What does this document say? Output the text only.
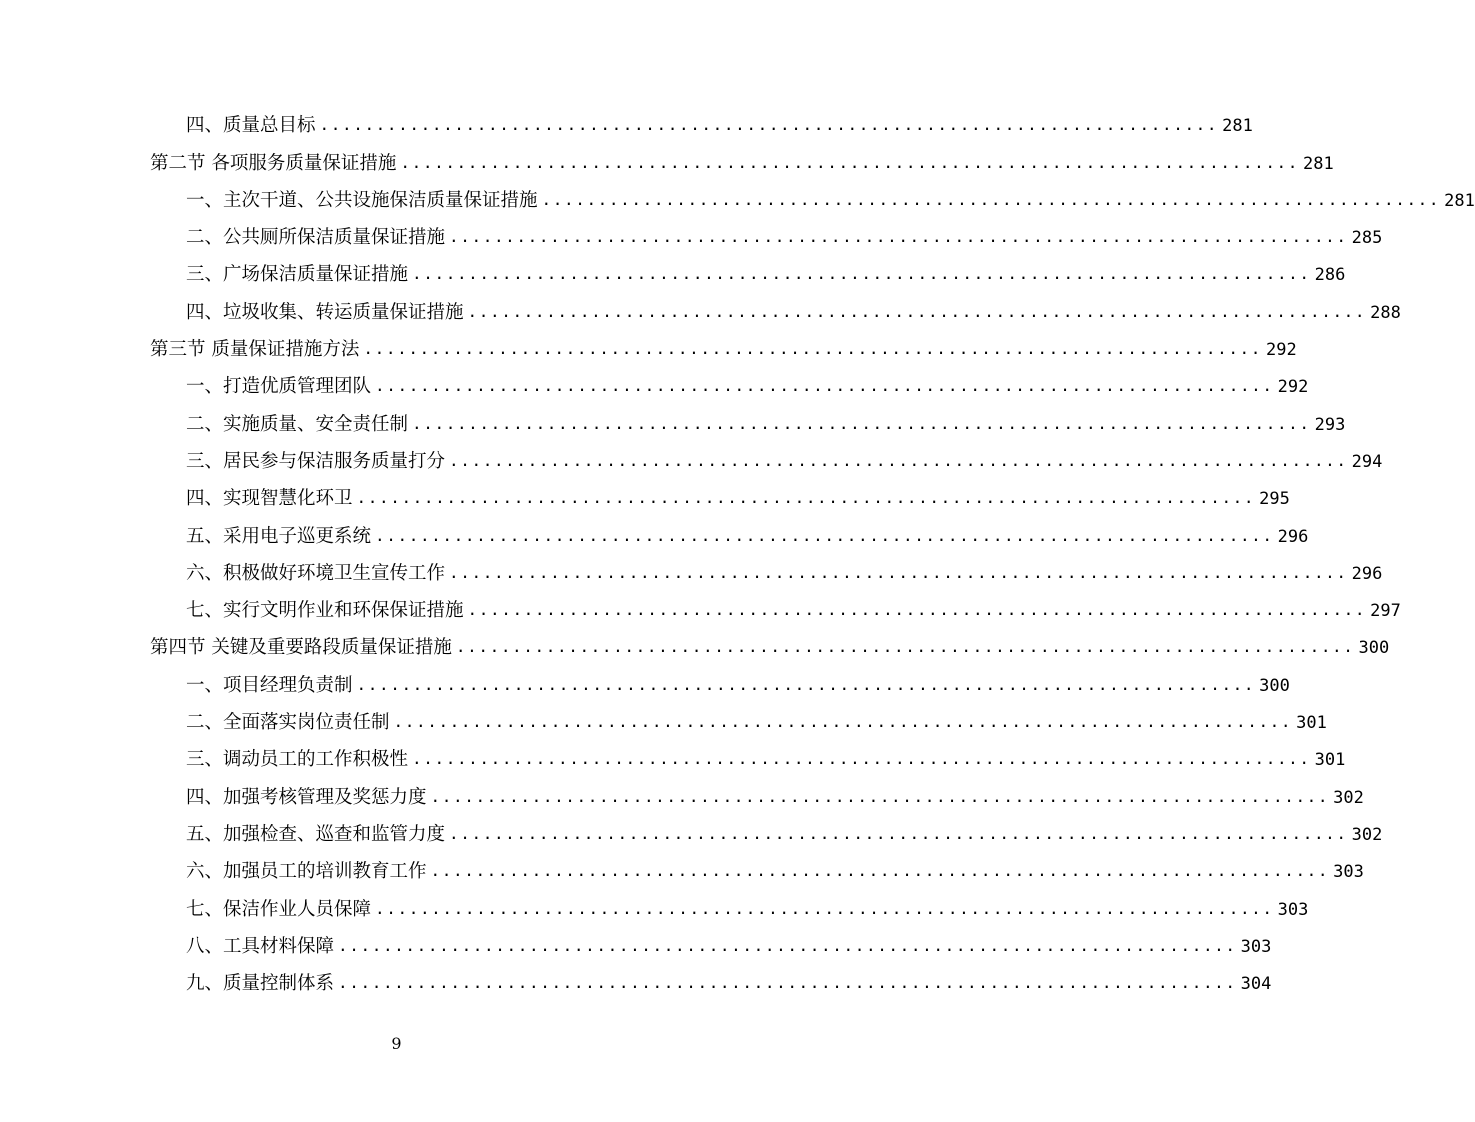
四、质量总目标 ................................................................................ 281
第二节 各项服务质量保证措施 ................................................................................ 281
一、主次干道、公共设施保洁质量保证措施 ................................................................................ 281
二、公共厕所保洁质量保证措施 ................................................................................ 285
三、广场保洁质量保证措施 ................................................................................ 286
四、垃圾收集、转运质量保证措施 ................................................................................ 288
第三节 质量保证措施方法 ................................................................................ 292
一、打造优质管理团队 ................................................................................ 292
二、实施质量、安全责任制 ................................................................................ 293
三、居民参与保洁服务质量打分 ................................................................................ 294
四、实现智慧化环卫 ................................................................................ 295
五、采用电子巡更系统 ................................................................................ 296
六、积极做好环境卫生宣传工作 ................................................................................ 296
七、实行文明作业和环保保证措施 ................................................................................ 297
第四节 关键及重要路段质量保证措施 ................................................................................ 300
一、项目经理负责制 ................................................................................ 300
二、全面落实岗位责任制 ................................................................................ 301
三、调动员工的工作积极性 ................................................................................ 301
四、加强考核管理及奖惩力度 ................................................................................ 302
五、加强检查、巡查和监管力度 ................................................................................ 302
六、加强员工的培训教育工作 ................................................................................ 303
七、保洁作业人员保障 ................................................................................ 303
八、工具材料保障 ................................................................................ 303
九、质量控制体系 ................................................................................ 304
9
